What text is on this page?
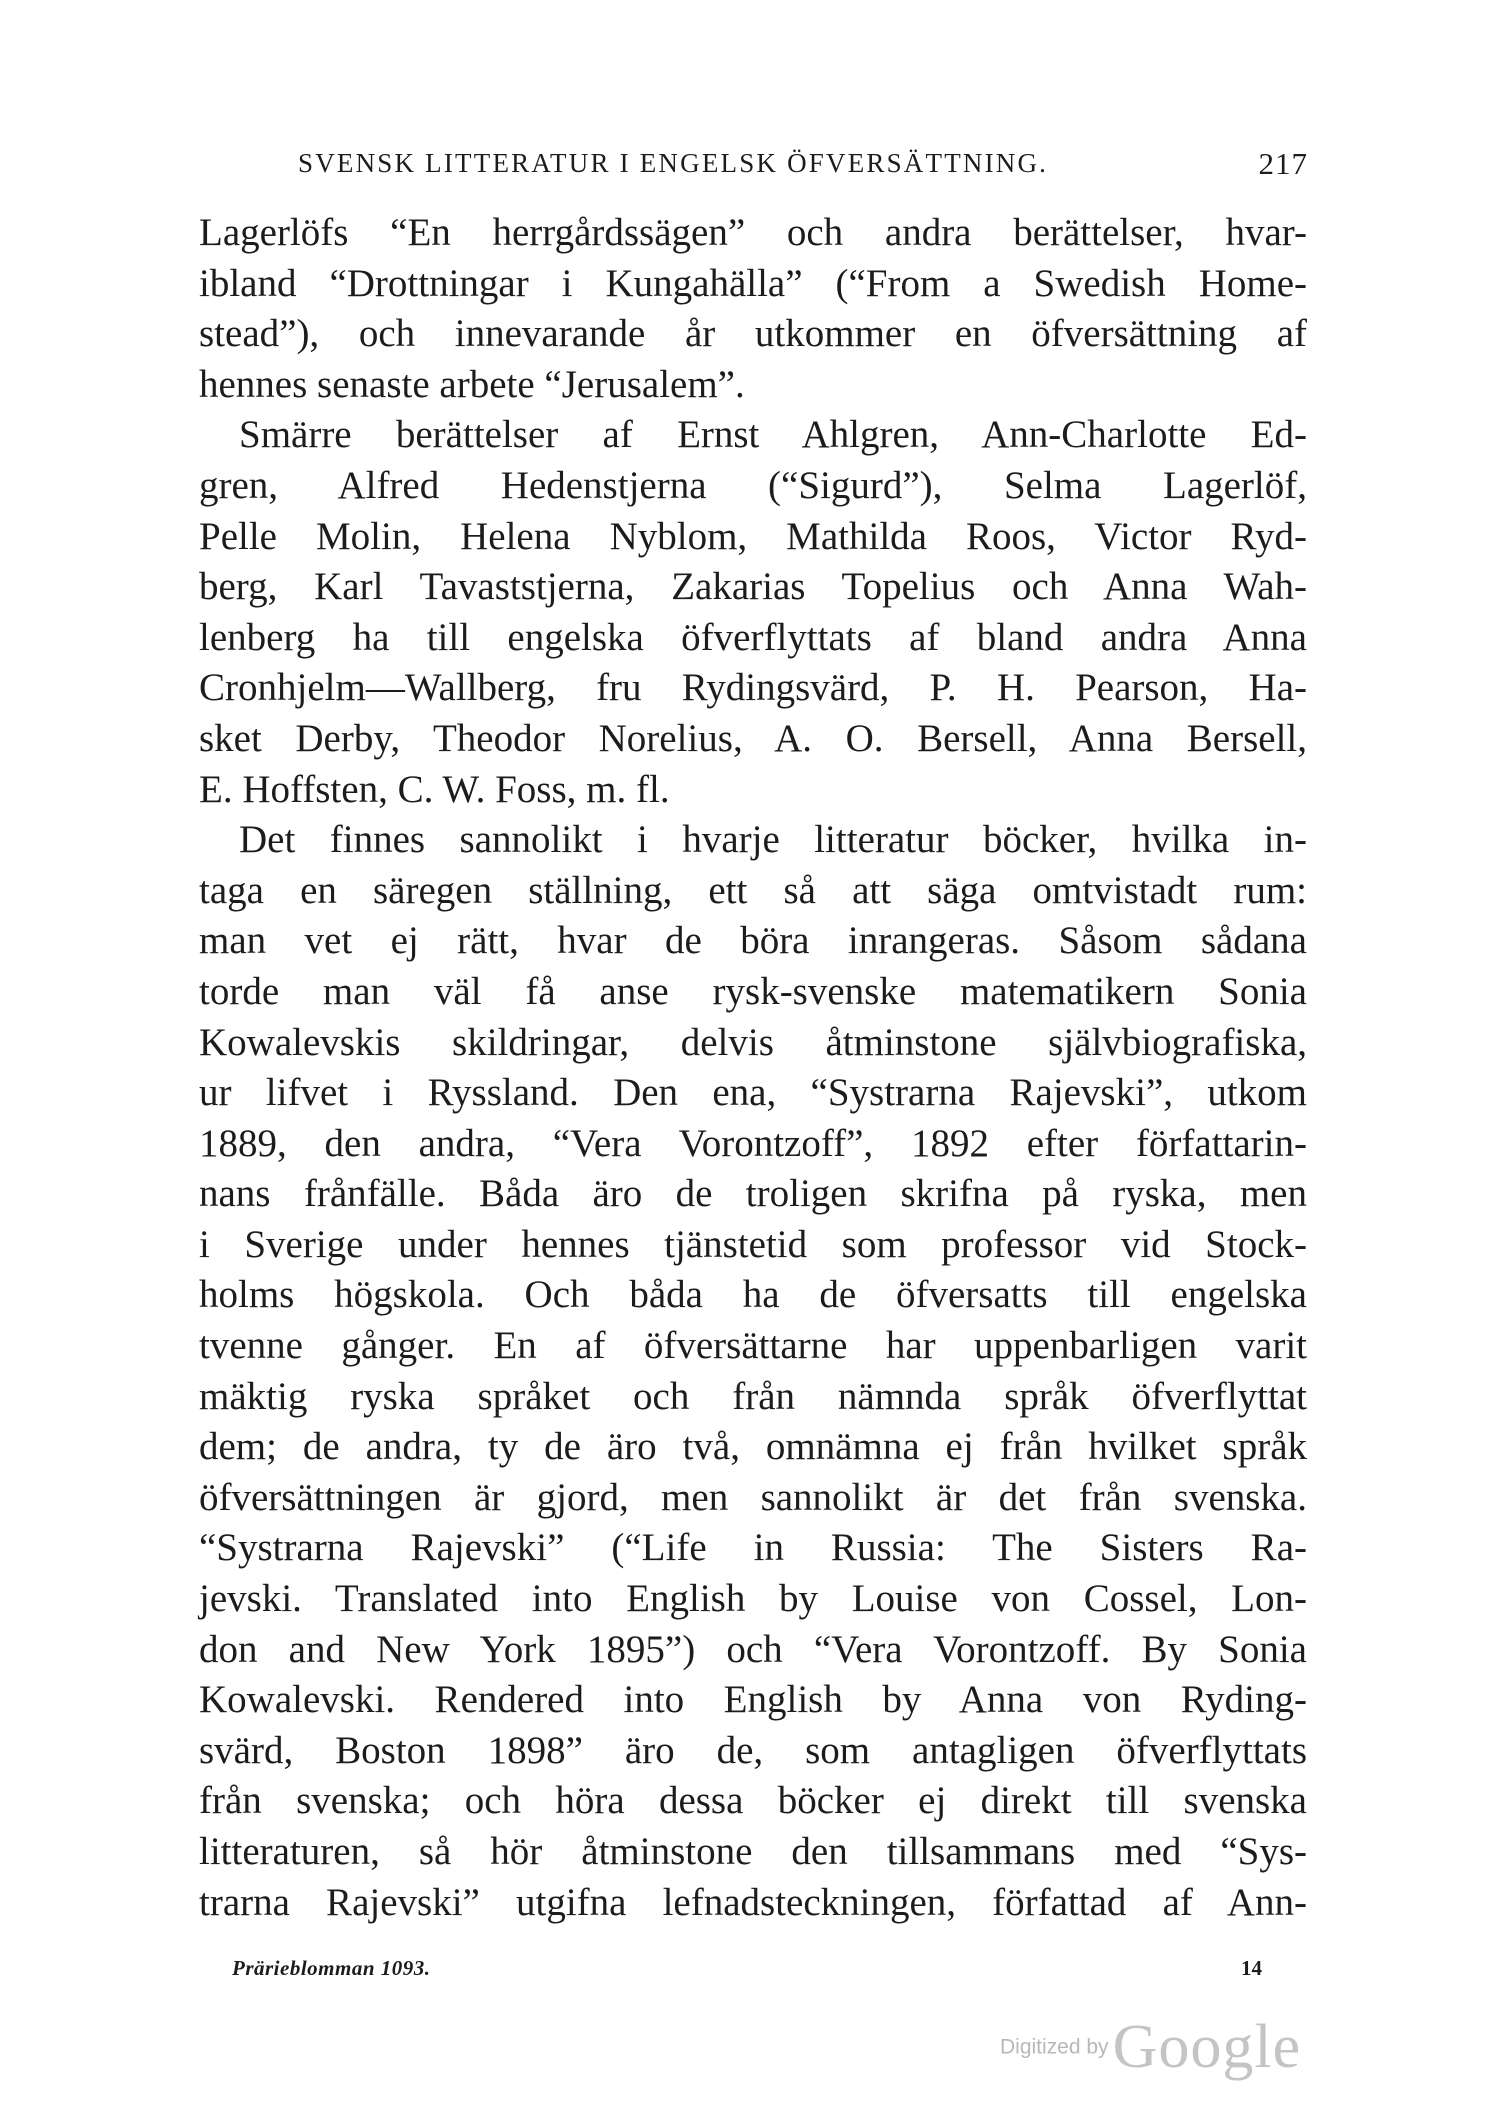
SVENSK LITTERATUR I ENGELSK ÖFVERSÄTTNING.	217
Lagerlöfs “En herrgårdssägen” och andra berättelser, hvar-
ibland “Drottningar i Kungahälla” (“From a Swedish Home-
stead”), och innevarande år utkommer en öfversättning af
hennes senaste arbete “Jerusalem”.
Smärre berättelser af Ernst Ahlgren, Ann-Charlotte Ed-
gren, Alfred Hedenstjerna (“Sigurd”), Selma Lagerlöf,
Pelle Molin, Helena Nyblom, Mathilda Roos, Victor Ryd-
berg, Karl Tavaststjerna, Zakarias Topelius och Anna Wah-
lenberg ha till engelska öfverflyttats af bland andra Anna
Cronhjelm—Wallberg, fru Rydingsvärd, P. H. Pearson, Ha-
sket Derby, Theodor Norelius, A. O. Bersell, Anna Bersell,
E. Hoffsten, C. W. Foss, m. fl.
Det finnes sannolikt i hvarje litteratur böcker, hvilka in-
taga en säregen ställning, ett så att säga omtvistadt rum:
man vet ej rätt, hvar de böra inrangeras. Såsom sådana
torde man väl få anse rysk-svenske matematikern Sonia
Kowalevskis skildringar, delvis åtminstone självbiografiska,
ur lifvet i Ryssland. Den ena, “Systrarna Rajevski”, utkom
1889, den andra, “Vera Vorontzoff”, 1892 efter författarin-
nans frånfälle. Båda äro de troligen skrifna på ryska, men
i Sverige under hennes tjänstetid som professor vid Stock-
holms högskola. Och båda ha de öfversatts till engelska
tvenne gånger. En af öfversättarne har uppenbarligen varit
mäktig ryska språket och från nämnda språk öfverflyttat
dem; de andra, ty de äro två, omnämna ej från hvilket språk
öfversättningen är gjord, men sannolikt är det från svenska.
“Systrarna Rajevski” (“Life in Russia: The Sisters Ra-
jevski. Translated into English by Louise von Cossel, Lon-
don and New York 1895”) och “Vera Vorontzoff. By Sonia
Kowalevski. Rendered into English by Anna von Ryding-
svärd, Boston 1898” äro de, som antagligen öfverflyttats
från svenska; och höra dessa böcker ej direkt till svenska
litteraturen, så hör åtminstone den tillsammans med “Sys-
trarna Rajevski” utgifna lefnadsteckningen, författad af Ann-
Prärieblomman 1093.	14
Digitized by Google
